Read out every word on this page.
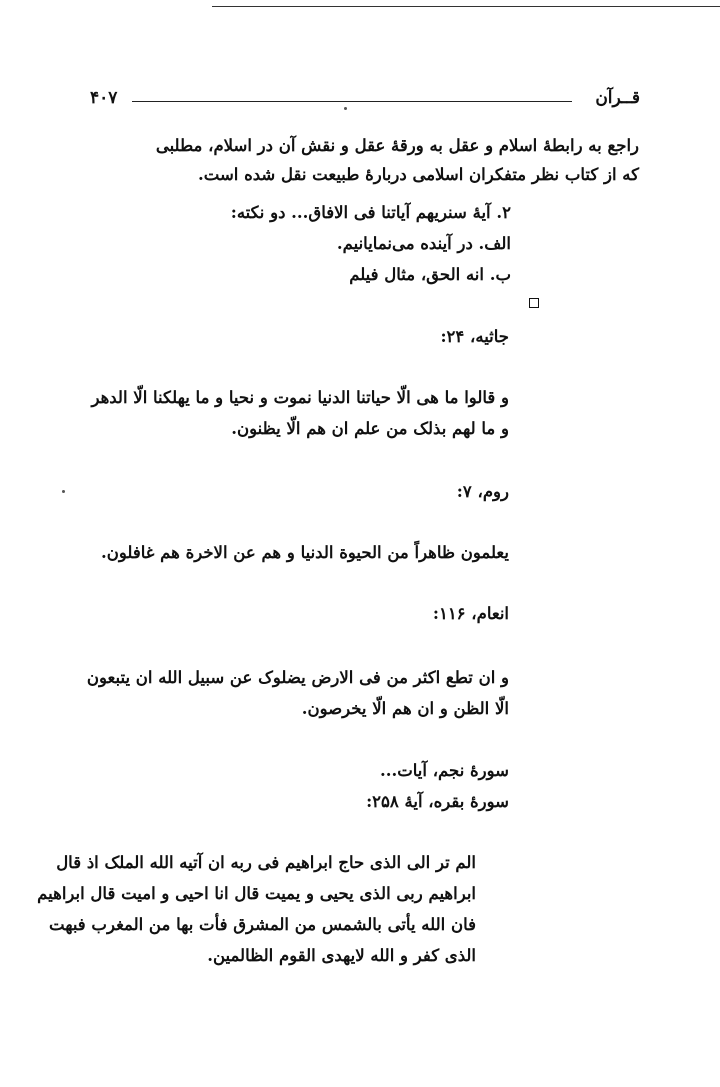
۴۰۷	قــرآن
راجع به رابطهٔ اسلام و عقل به ورقهٔ عقل و نقش آن در اسلام، مطلبی
که از کتاب نظر متفکران اسلامی دربارهٔ طبیعت نقل شده است.
۲. آیهٔ سنریهم آیاتنا فی الافاق... دو نکته:
الف. در آینده می‌نمایانیم.
ب. انه الحق، مثال فیلم
جاثیه، ۲۴:
و قالوا ما هی الّا حیاتنا الدنیا نموت و نحیا و ما یهلکنا الّا الدهر
و ما لهم بذلک من علم ان هم الّا یظنون.
روم، ۷:
یعلمون ظاهراً من الحیوة الدنیا و هم عن الاخرة هم غافلون.
انعام، ۱۱۶:
و ان تطع اکثر من فی الارض یضلوک عن سبیل الله ان یتبعون
الّا الظن و ان هم الّا یخرصون.
سورهٔ نجم، آیات...
سورهٔ بقره، آیهٔ ۲۵۸:
الم تر الی الذی حاج ابراهیم فی ربه ان آتیه الله الملک اذ قال
ابراهیم ربی الذی یحیی و یمیت قال انا احیی و امیت قال ابراهیم
فان الله یأتی بالشمس من المشرق فأت بها من المغرب فبهت
الذی کفر و الله لایهدی القوم الظالمین.
